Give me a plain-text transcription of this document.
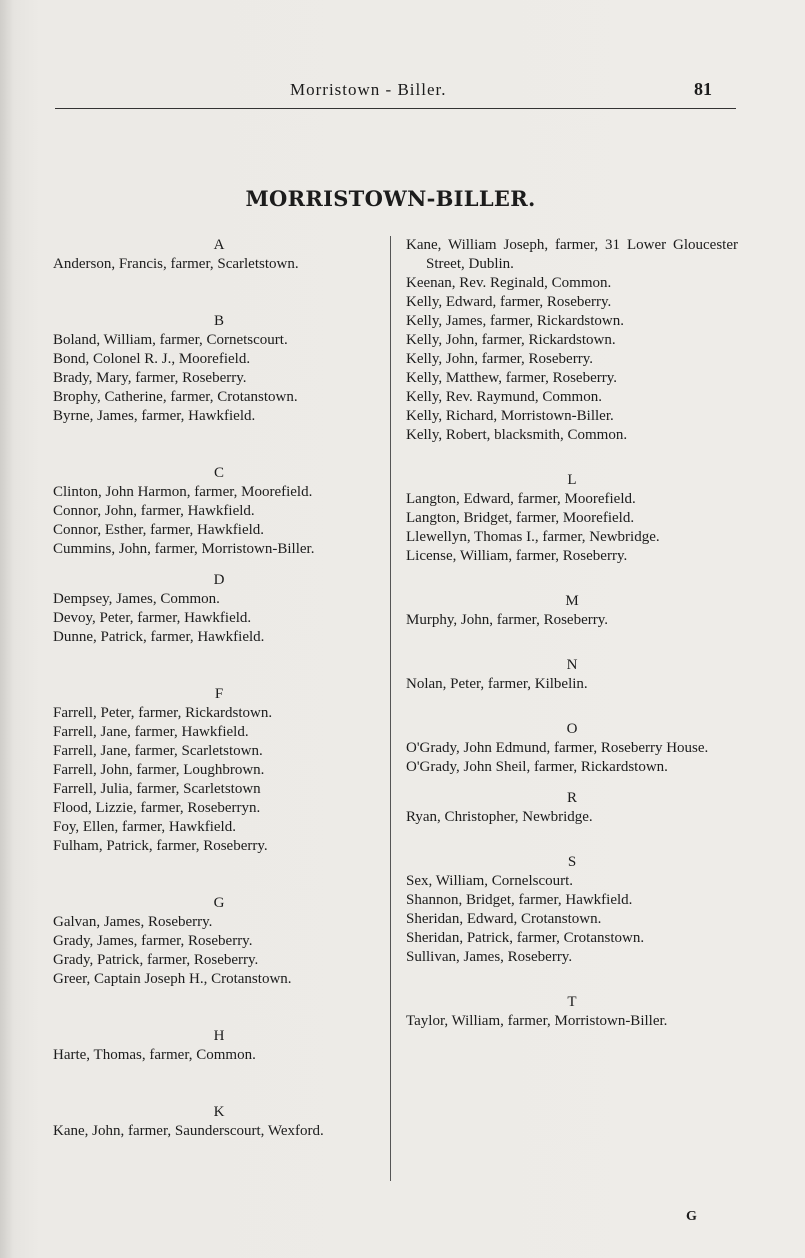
Morristown - Biller.	81
MORRISTOWN-BILLER.
A
Anderson, Francis, farmer, Scarletstown.
B
Boland, William, farmer, Cornetscourt.
Bond, Colonel R. J., Moorefield.
Brady, Mary, farmer, Roseberry.
Brophy, Catherine, farmer, Crotanstown.
Byrne, James, farmer, Hawkfield.
C
Clinton, John Harmon, farmer, Moorefield.
Connor, John, farmer, Hawkfield.
Connor, Esther, farmer, Hawkfield.
Cummins, John, farmer, Morristown-Biller.
D
Dempsey, James, Common.
Devoy, Peter, farmer, Hawkfield.
Dunne, Patrick, farmer, Hawkfield.
F
Farrell, Peter, farmer, Rickardstown.
Farrell, Jane, farmer, Hawkfield.
Farrell, Jane, farmer, Scarletstown.
Farrell, John, farmer, Loughbrown.
Farrell, Julia, farmer, Scarletstown
Flood, Lizzie, farmer, Roseberryn.
Foy, Ellen, farmer, Hawkfield.
Fulham, Patrick, farmer, Roseberry.
G
Galvan, James, Roseberry.
Grady, James, farmer, Roseberry.
Grady, Patrick, farmer, Roseberry.
Greer, Captain Joseph H., Crotanstown.
H
Harte, Thomas, farmer, Common.
K
Kane, John, farmer, Saunderscourt, Wexford.
Kane, William Joseph, farmer, 31 Lower Gloucester Street, Dublin.
Keenan, Rev. Reginald, Common.
Kelly, Edward, farmer, Roseberry.
Kelly, James, farmer, Rickardstown.
Kelly, John, farmer, Rickardstown.
Kelly, John, farmer, Roseberry.
Kelly, Matthew, farmer, Roseberry.
Kelly, Rev. Raymund, Common.
Kelly, Richard, Morristown-Biller.
Kelly, Robert, blacksmith, Common.
L
Langton, Edward, farmer, Moorefield.
Langton, Bridget, farmer, Moorefield.
Llewellyn, Thomas I., farmer, Newbridge.
License, William, farmer, Roseberry.
M
Murphy, John, farmer, Roseberry.
N
Nolan, Peter, farmer, Kilbelin.
O
O'Grady, John Edmund, farmer, Roseberry House.
O'Grady, John Sheil, farmer, Rickardstown.
R
Ryan, Christopher, Newbridge.
S
Sex, William, Cornelscourt.
Shannon, Bridget, farmer, Hawkfield.
Sheridan, Edward, Crotanstown.
Sheridan, Patrick, farmer, Crotanstown.
Sullivan, James, Roseberry.
T
Taylor, William, farmer, Morristown-Biller.
G
